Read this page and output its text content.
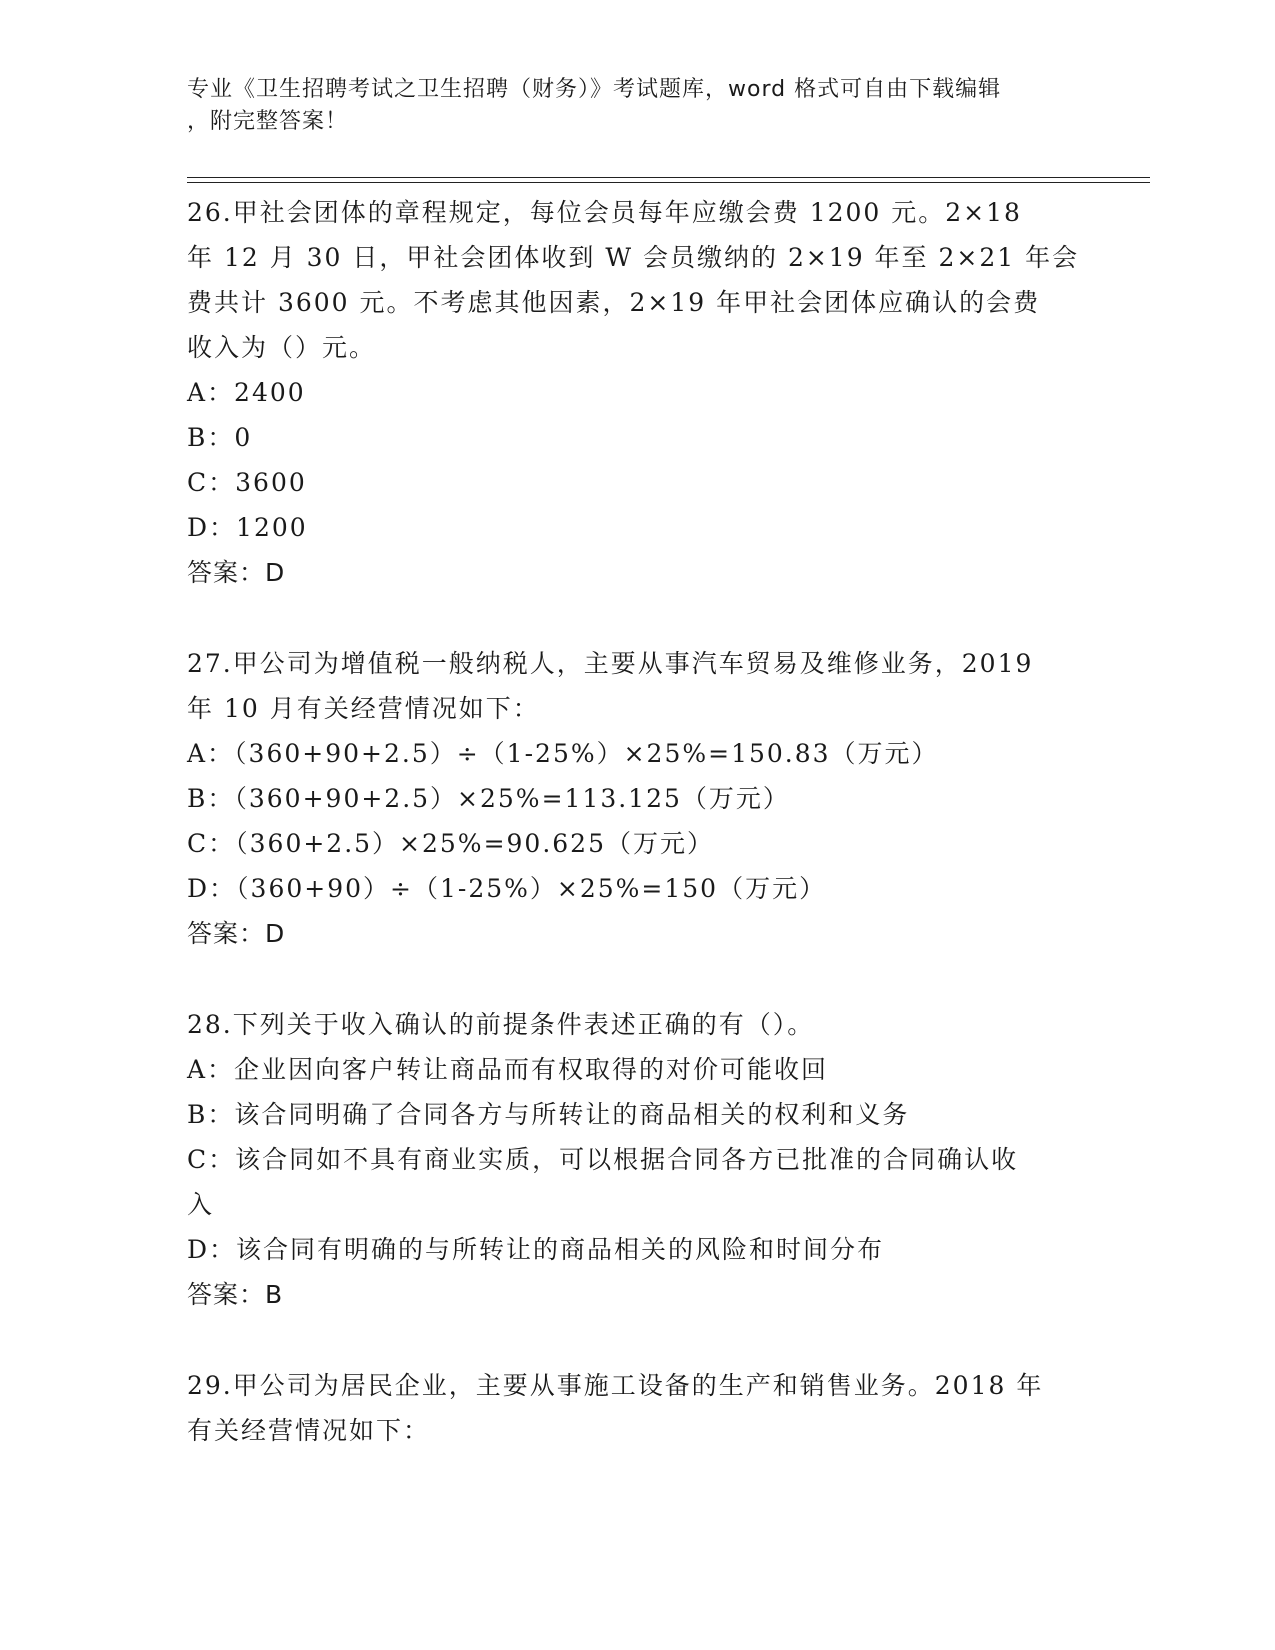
专业《卫生招聘考试之卫生招聘（财务）》考试题库，word 格式可自由下载编辑
，附完整答案！
26.甲社会团体的章程规定，每位会员每年应缴会费 1200 元。2×18
年 12 月 30 日，甲社会团体收到 W 会员缴纳的 2×19 年至 2×21 年会
费共计 3600 元。不考虑其他因素，2×19 年甲社会团体应确认的会费
收入为（）元。
A：2400
B：0
C：3600
D：1200
答案：D
27.甲公司为增值税一般纳税人，主要从事汽车贸易及维修业务，2019
年 10 月有关经营情况如下：
A：（360+90+2.5）÷（1-25%）×25%=150.83（万元）
B：（360+90+2.5）×25%=113.125（万元）
C：（360+2.5）×25%=90.625（万元）
D：（360+90）÷（1-25%）×25%=150（万元）
答案：D
28.下列关于收入确认的前提条件表述正确的有（）。
A：企业因向客户转让商品而有权取得的对价可能收回
B：该合同明确了合同各方与所转让的商品相关的权利和义务
C：该合同如不具有商业实质，可以根据合同各方已批准的合同确认收
入
D：该合同有明确的与所转让的商品相关的风险和时间分布
答案：B
29.甲公司为居民企业，主要从事施工设备的生产和销售业务。2018 年
有关经营情况如下：
